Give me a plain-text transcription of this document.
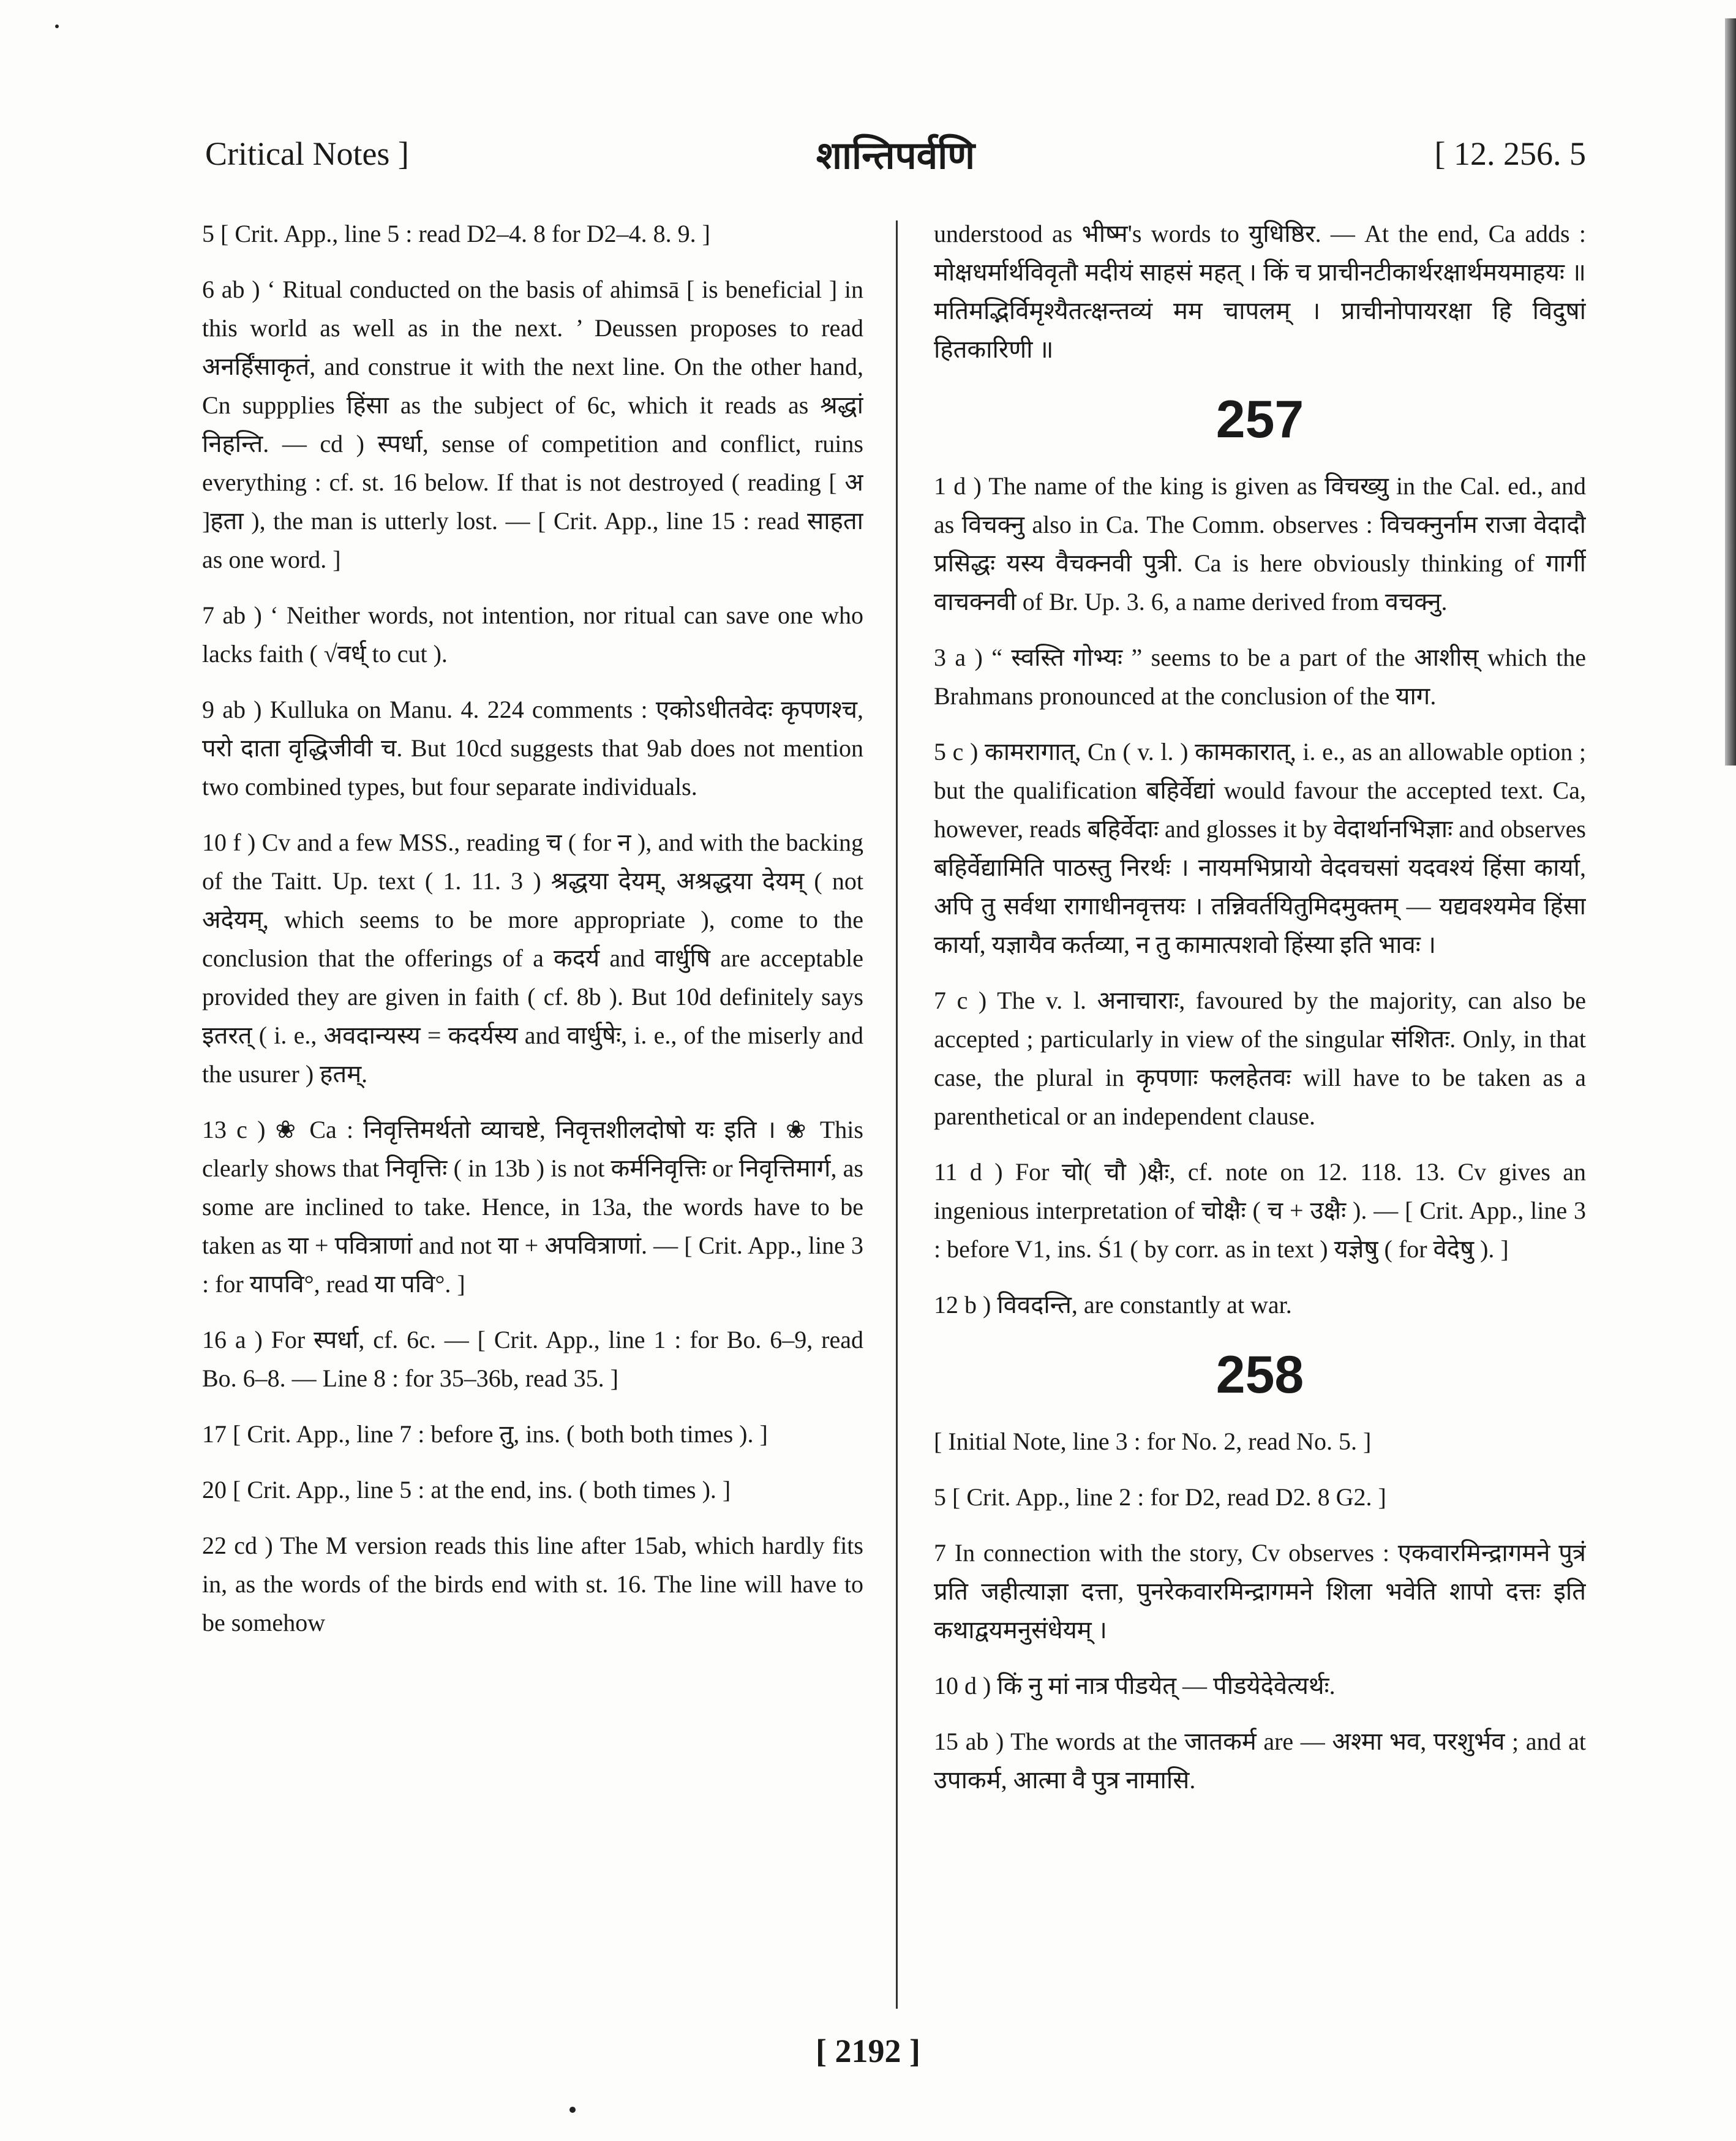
Critical Notes ]	शान्तिपर्वणि	[ 12. 256. 5

5 [ Crit. App., line 5 : read D2–4. 8 for D2–4. 8. 9. ]

6 ab ) ‘ Ritual conducted on the basis of ahimsā [ is beneficial ] in this world as well as in the next. ’ Deussen proposes to read अनर्हिंसाकृतं, and construe it with the next line. On the other hand, Cn suppplies हिंसा as the subject of 6c, which it reads as श्रद्धां निहन्ति. — cd ) स्पर्धा, sense of competition and conflict, ruins everything : cf. st. 16 below. If that is not destroyed ( reading [ अ ]हता ), the man is utterly lost. — [ Crit. App., line 15 : read साहता as one word. ]

7 ab ) ‘ Neither words, not intention, nor ritual can save one who lacks faith ( √वर्ध् to cut ).

9 ab ) Kulluka on Manu. 4. 224 comments : एकोऽधीतवेदः कृपणश्च, परो दाता वृद्धिजीवी च. But 10cd suggests that 9ab does not mention two combined types, but four separate individuals.

10 f ) Cv and a few MSS., reading च ( for न ), and with the backing of the Taitt. Up. text ( 1. 11. 3 ) श्रद्धया देयम्, अश्रद्धया देयम् ( not अदेयम्, which seems to be more appropriate ), come to the conclusion that the offerings of a कदर्य and वार्धुषि are acceptable provided they are given in faith ( cf. 8b ). But 10d definitely says इतरत् ( i. e., अवदान्यस्य = कदर्यस्य and वार्धुषेः, i. e., of the miserly and the usurer ) हतम्.

13 c ) ❀ Ca : निवृत्तिमर्थतो व्याचष्टे, निवृत्तशीलदोषो यः इति । ❀ This clearly shows that निवृत्तिः ( in 13b ) is not कर्मनिवृत्तिः or निवृत्तिमार्ग, as some are inclined to take. Hence, in 13a, the words have to be taken as या + पवित्राणां and not या + अपवित्राणां. — [ Crit. App., line 3 : for यापवि°, read या पवि°. ]

16 a ) For स्पर्धा, cf. 6c. — [ Crit. App., line 1 : for Bo. 6–9, read Bo. 6–8. — Line 8 : for 35–36b, read 35. ]

17 [ Crit. App., line 7 : before तु, ins. ( both both times ). ]

20 [ Crit. App., line 5 : at the end, ins. ( both times ). ]

22 cd ) The M version reads this line after 15ab, which hardly fits in, as the words of the birds end with st. 16. The line will have to be somehow

understood as भीष्म's words to युधिष्ठिर. — At the end, Ca adds : मोक्षधर्मार्थविवृतौ मदीयं साहसं महत् । किं च प्राचीनटीकार्थरक्षार्थमयमाहयः ॥ मतिमद्भिर्विमृश्यैतत्क्षन्तव्यं मम चापलम् । प्राचीनोपायरक्षा हि विदुषां हितकारिणी ॥

257

1 d ) The name of the king is given as विचख्यु in the Cal. ed., and as विचक्नु also in Ca. The Comm. observes : विचक्नुर्नाम राजा वेदादौ प्रसिद्धः यस्य वैचक्नवी पुत्री. Ca is here obviously thinking of गार्गी वाचक्नवी of Br. Up. 3. 6, a name derived from वचक्नु.

3 a ) “ स्वस्ति गोभ्यः ” seems to be a part of the आशीस् which the Brahmans pronounced at the conclusion of the याग.

5 c ) कामरागात्, Cn ( v. l. ) कामकारात्, i. e., as an allowable option ; but the qualification बहिर्वेद्यां would favour the accepted text. Ca, however, reads बहिर्वेदाः and glosses it by वेदार्थानभिज्ञाः and observes बहिर्वेद्यामिति पाठस्तु निरर्थः । नायमभिप्रायो वेदवचसां यदवश्यं हिंसा कार्या, अपि तु सर्वथा रागाधीनवृत्तयः । तन्निवर्तयितुमिदमुक्तम् — यद्यवश्यमेव हिंसा कार्या, यज्ञायैव कर्तव्या, न तु कामात्पशवो हिंस्या इति भावः ।

7 c ) The v. l. अनाचाराः, favoured by the majority, can also be accepted ; particularly in view of the singular संशितः. Only, in that case, the plural in कृपणाः फलहेतवः will have to be taken as a parenthetical or an independent clause.

11 d ) For चो( चौ )क्षैः, cf. note on 12. 118. 13. Cv gives an ingenious interpretation of चोक्षैः ( च + उक्षैः ). — [ Crit. App., line 3 : before V1, ins. Ś1 ( by corr. as in text ) यज्ञेषु ( for वेदेषु ). ]

12 b ) विवदन्ति, are constantly at war.

258

[ Initial Note, line 3 : for No. 2, read No. 5. ]

5 [ Crit. App., line 2 : for D2, read D2. 8 G2. ]

7 In connection with the story, Cv observes : एकवारमिन्द्रागमने पुत्रं प्रति जहीत्याज्ञा दत्ता, पुनरेकवारमिन्द्रागमने शिला भवेति शापो दत्तः इति कथाद्वयमनुसंधेयम् ।

10 d ) किं नु मां नात्र पीडयेत् — पीडयेदेवेत्यर्थः.

15 ab ) The words at the जातकर्म are — अश्मा भव, परशुर्भव ; and at उपाकर्म, आत्मा वै पुत्र नामासि.

[ 2192 ]
